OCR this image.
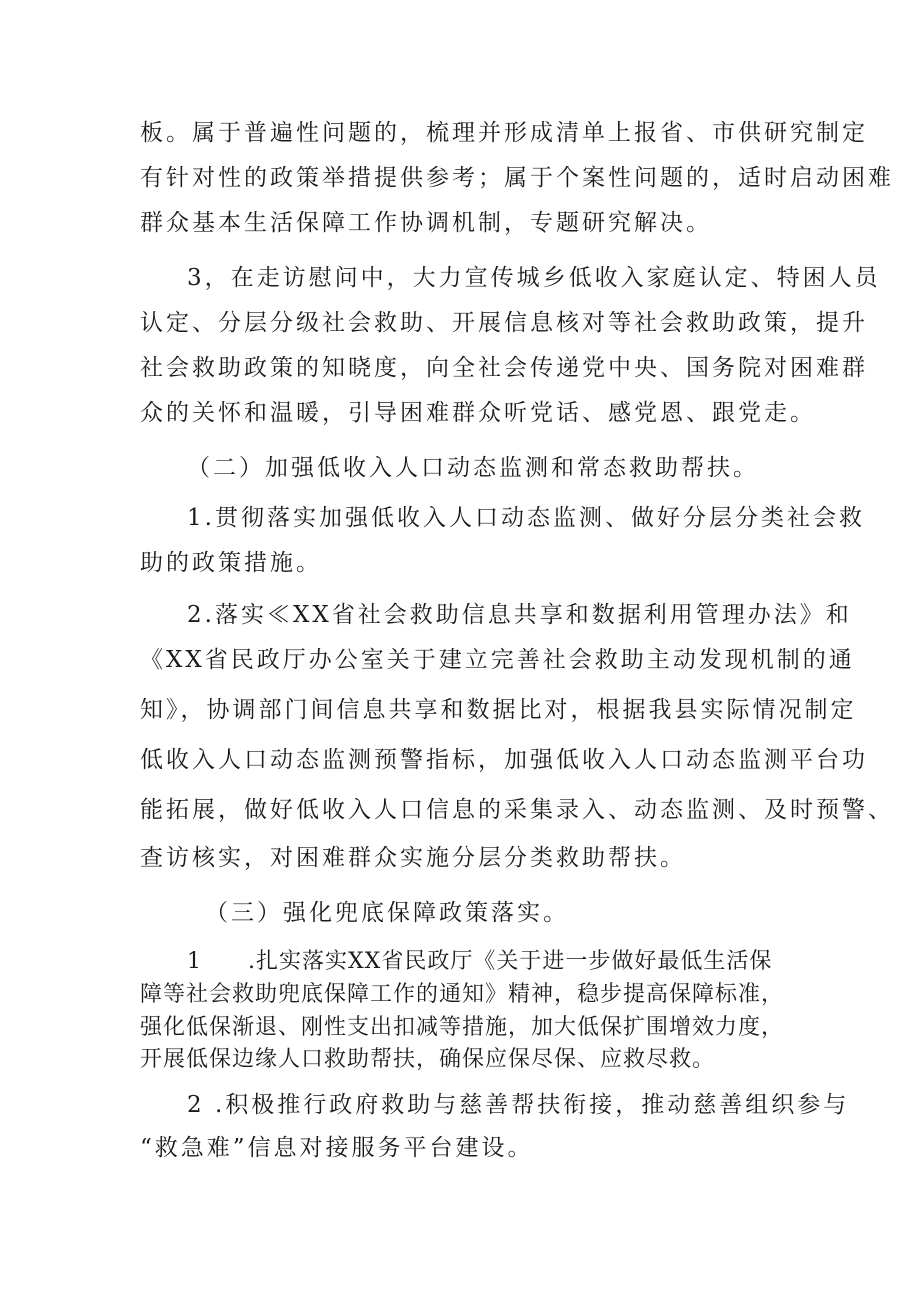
板。属于普遍性问题的，梳理并形成清单上报省、市供研究制定
有针对性的政策举措提供参考；属于个案性问题的，适时启动困难
群众基本生活保障工作协调机制，专题研究解决。
3，在走访慰问中，大力宣传城乡低收入家庭认定、特困人员
认定、分层分级社会救助、开展信息核对等社会救助政策，提升
社会救助政策的知晓度，向全社会传递党中央、国务院对困难群
众的关怀和温暖，引导困难群众听党话、感党恩、跟党走。
（二）加强低收入人口动态监测和常态救助帮扶。
1.贯彻落实加强低收入人口动态监测、做好分层分类社会救
助的政策措施。
2.落实≪XX省社会救助信息共享和数据利用管理办法》和
《XX省民政厅办公室关于建立完善社会救助主动发现机制的通
知》，协调部门间信息共享和数据比对，根据我县实际情况制定
低收入人口动态监测预警指标，加强低收入人口动态监测平台功
能拓展，做好低收入人口信息的采集录入、动态监测、及时预警、
查访核实，对困难群众实施分层分类救助帮扶。
（三）强化兜底保障政策落实。
1　　.扎实落实XX省民政厅《关于进一步做好最低生活保
障等社会救助兜底保障工作的通知》精神，稳步提高保障标准，
强化低保渐退、刚性支出扣减等措施，加大低保扩围增效力度，
开展低保边缘人口救助帮扶，确保应保尽保、应救尽救。
2 .积极推行政府救助与慈善帮扶衔接，推动慈善组织参与
“救急难”信息对接服务平台建设。
